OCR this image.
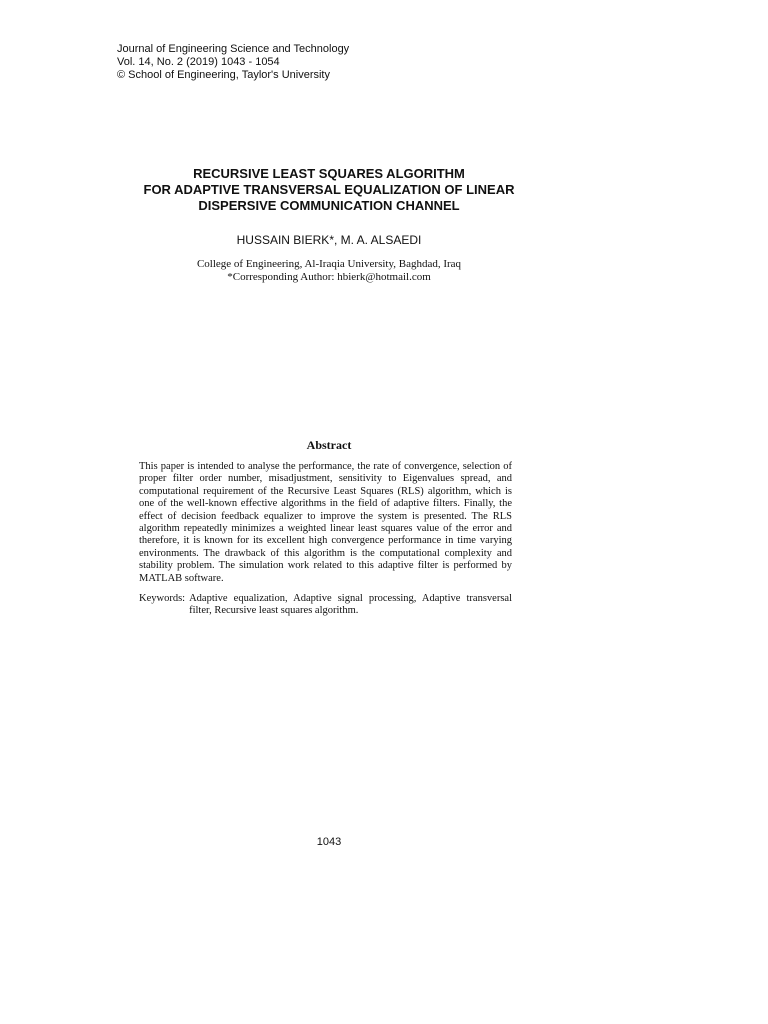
Journal of Engineering Science and Technology
Vol. 14, No. 2 (2019) 1043 - 1054
© School of Engineering, Taylor's University
RECURSIVE LEAST SQUARES ALGORITHM
FOR ADAPTIVE TRANSVERSAL EQUALIZATION OF LINEAR
DISPERSIVE COMMUNICATION CHANNEL
HUSSAIN BIERK*, M. A. ALSAEDI
College of Engineering, Al-Iraqia University, Baghdad, Iraq
*Corresponding Author: hbierk@hotmail.com
Abstract

This paper is intended to analyse the performance, the rate of convergence, selection of proper filter order number, misadjustment, sensitivity to Eigenvalues spread, and computational requirement of the Recursive Least Squares (RLS) algorithm, which is one of the well-known effective algorithms in the field of adaptive filters. Finally, the effect of decision feedback equalizer to improve the system is presented. The RLS algorithm repeatedly minimizes a weighted linear least squares value of the error and therefore, it is known for its excellent high convergence performance in time varying environments. The drawback of this algorithm is the computational complexity and stability problem. The simulation work related to this adaptive filter is performed by MATLAB software.

Keywords: Adaptive equalization, Adaptive signal processing, Adaptive transversal filter, Recursive least squares algorithm.
1043
